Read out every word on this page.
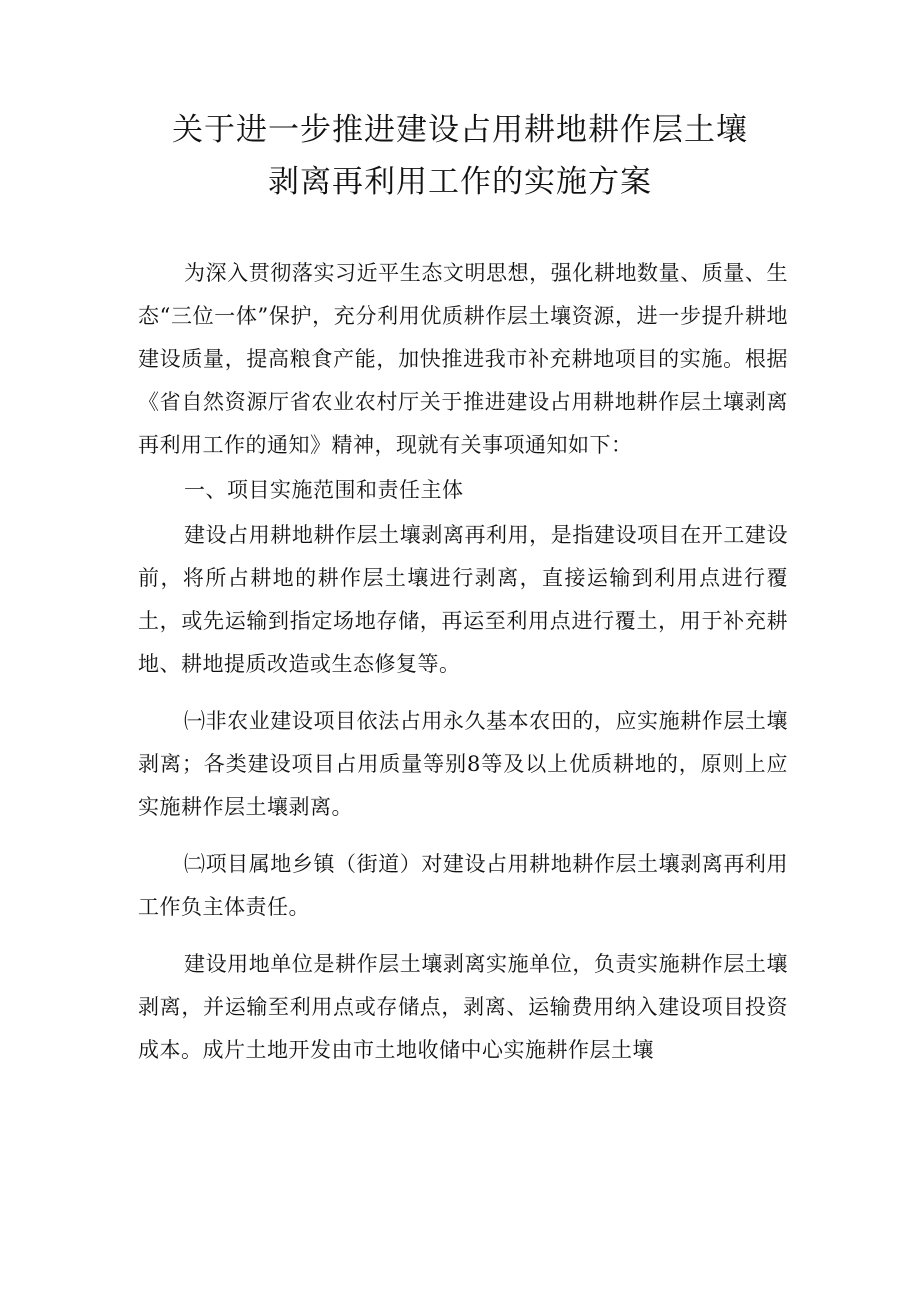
关于进一步推进建设占用耕地耕作层土壤
剥离再利用工作的实施方案

为深入贯彻落实习近平生态文明思想，强化耕地数量、质量、生态“三位一体”保护，充分利用优质耕作层土壤资源，进一步提升耕地建设质量，提高粮食产能，加快推进我市补充耕地项目的实施。根据《省自然资源厅省农业农村厅关于推进建设占用耕地耕作层土壤剥离再利用工作的通知》精神，现就有关事项通知如下：

一、项目实施范围和责任主体

建设占用耕地耕作层土壤剥离再利用，是指建设项目在开工建设前，将所占耕地的耕作层土壤进行剥离，直接运输到利用点进行覆土，或先运输到指定场地存储，再运至利用点进行覆土，用于补充耕地、耕地提质改造或生态修复等。

㈠非农业建设项目依法占用永久基本农田的，应实施耕作层土壤剥离；各类建设项目占用质量等别8等及以上优质耕地的，原则上应实施耕作层土壤剥离。

㈡项目属地乡镇（街道）对建设占用耕地耕作层土壤剥离再利用工作负主体责任。

建设用地单位是耕作层土壤剥离实施单位，负责实施耕作层土壤剥离，并运输至利用点或存储点，剥离、运输费用纳入建设项目投资成本。成片土地开发由市土地收储中心实施耕作层土壤
